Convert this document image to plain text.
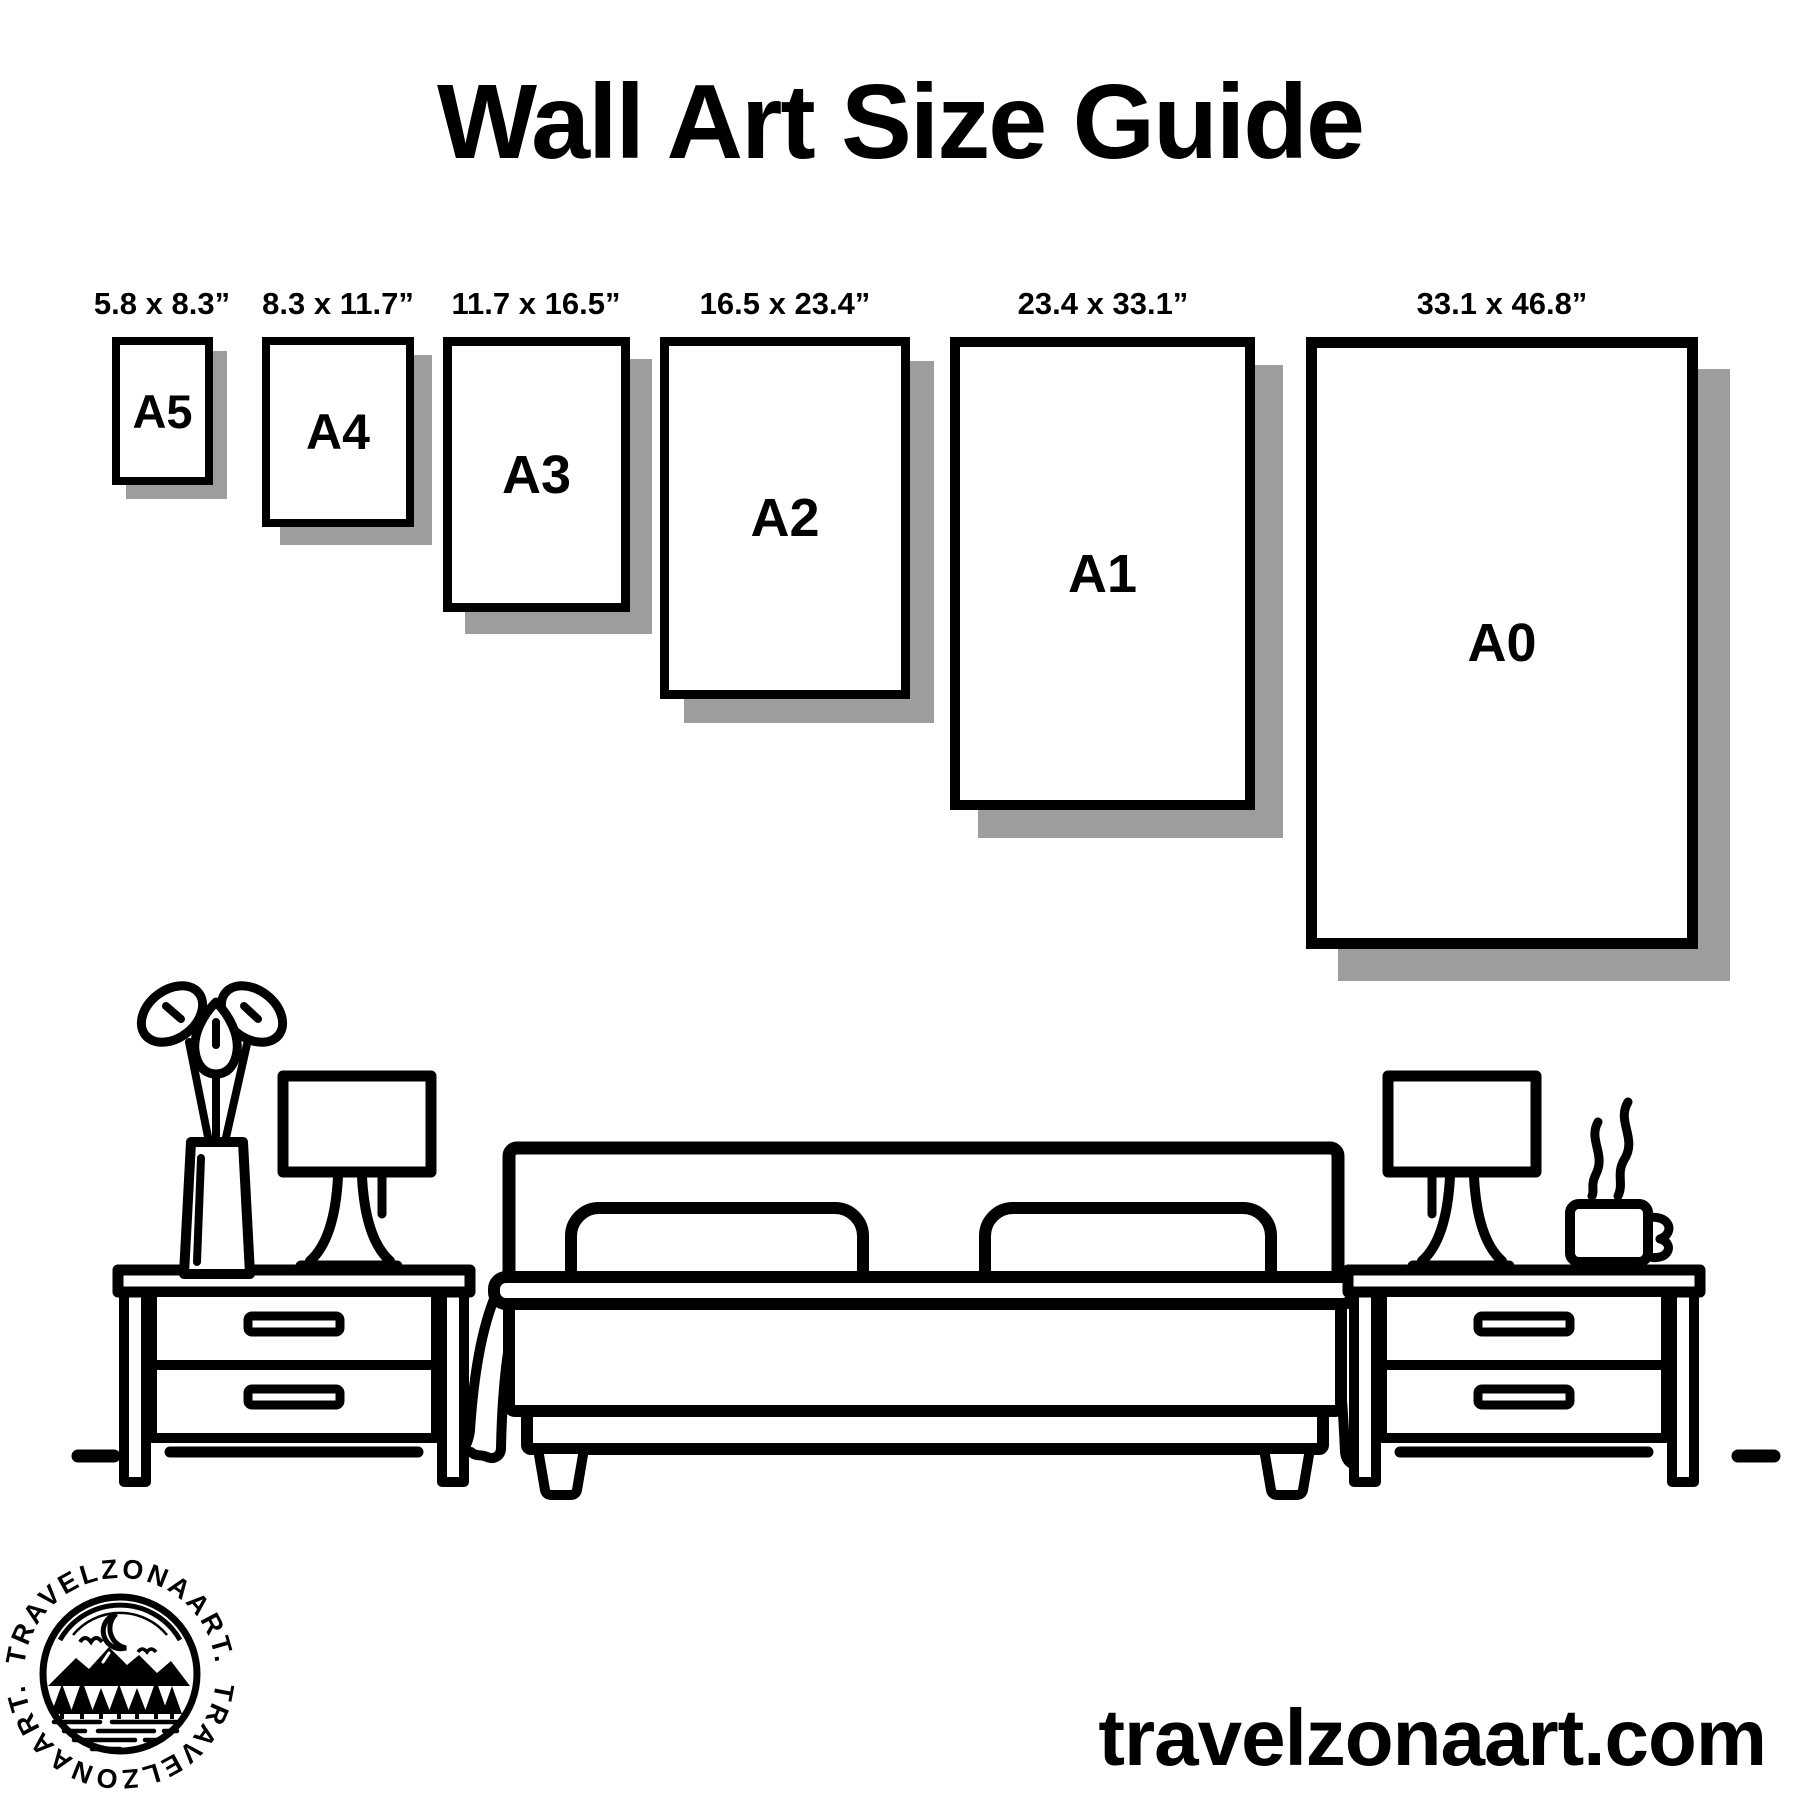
Wall Art Size Guide
5.8 x 8.3”	8.3 x 11.7”	11.7 x 16.5”	16.5 x 23.4”	23.4 x 33.1”	33.1 x 46.8”
A5 A4
A3
A2
A1
A0
TRAVELZONAART.
TRAVELZONAART.
travelzonaart.com
